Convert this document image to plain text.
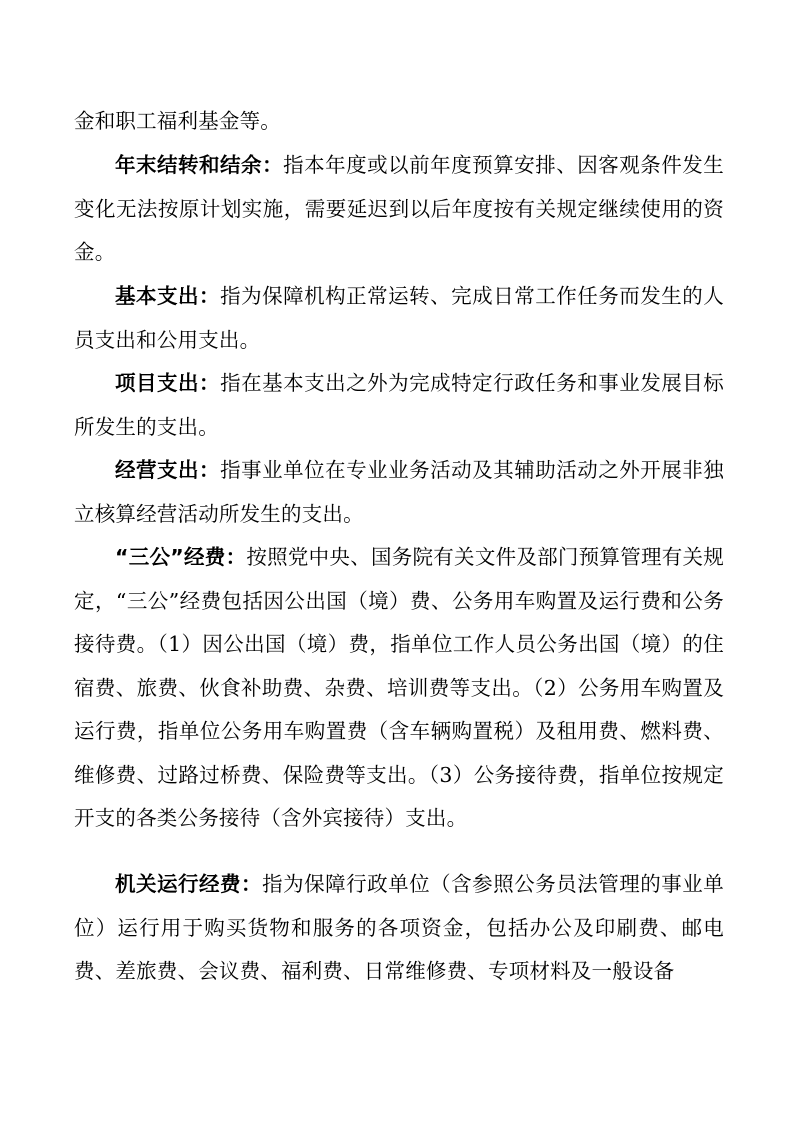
金和职工福利基金等。

年末结转和结余：指本年度或以前年度预算安排、因客观条件发生变化无法按原计划实施，需要延迟到以后年度按有关规定继续使用的资金。

基本支出：指为保障机构正常运转、完成日常工作任务而发生的人员支出和公用支出。

项目支出：指在基本支出之外为完成特定行政任务和事业发展目标所发生的支出。

经营支出：指事业单位在专业业务活动及其辅助活动之外开展非独立核算经营活动所发生的支出。

“三公”经费：按照党中央、国务院有关文件及部门预算管理有关规定，“三公”经费包括因公出国（境）费、公务用车购置及运行费和公务接待费。（1）因公出国（境）费，指单位工作人员公务出国（境）的住宿费、旅费、伙食补助费、杂费、培训费等支出。（2）公务用车购置及运行费，指单位公务用车购置费（含车辆购置税）及租用费、燃料费、维修费、过路过桥费、保险费等支出。（3）公务接待费，指单位按规定开支的各类公务接待（含外宾接待）支出。

机关运行经费：指为保障行政单位（含参照公务员法管理的事业单位）运行用于购买货物和服务的各项资金，包括办公及印刷费、邮电费、差旅费、会议费、福利费、日常维修费、专项材料及一般设备
